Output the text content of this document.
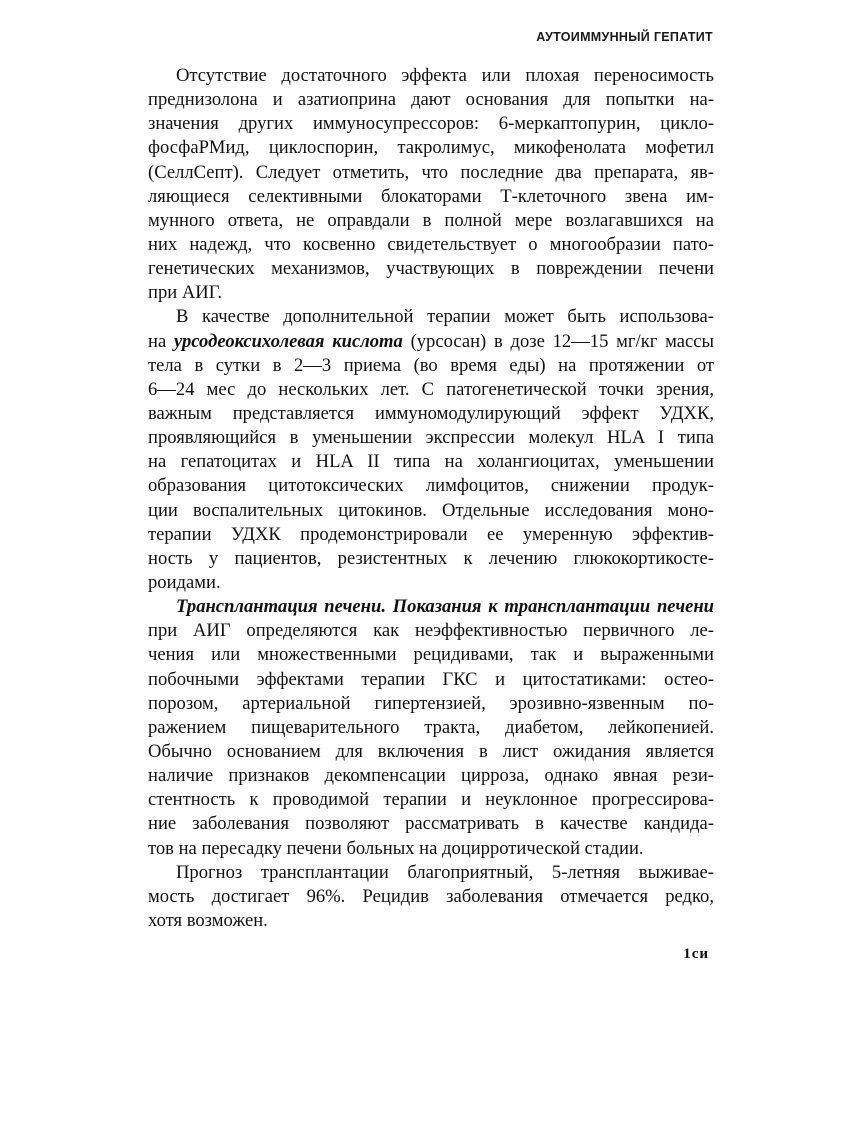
АУТОИММУННЫЙ ГЕПАТИТ
Отсутствие достаточного эффекта или плохая переносимость
преднизолона и азатиоприна дают основания для попытки на-
значения других иммуносупрессоров: 6-меркаптопурин, цикло-
фосфаРМид, циклоспорин, такролимус, микофенолата мофетил
(СеллСепт). Следует отметить, что последние два препарата, яв-
ляющиеся селективными блокаторами Т-клеточного звена им-
мунного ответа, не оправдали в полной мере возлагавшихся на
них надежд, что косвенно свидетельствует о многообразии пато-
генетических механизмов, участвующих в повреждении печени
при АИГ.
В качестве дополнительной терапии может быть использова-
на урсодеоксихолевая кислота (урсосан) в дозе 12—15 мг/кг массы
тела в сутки в 2—3 приема (во время еды) на протяжении от
6—24 мес до нескольких лет. С патогенетической точки зрения,
важным представляется иммуномодулирующий эффект УДХК,
проявляющийся в уменьшении экспрессии молекул HLA I типа
на гепатоцитах и HLA II типа на холангиоцитах, уменьшении
образования цитотоксических лимфоцитов, снижении продук-
ции воспалительных цитокинов. Отдельные исследования моно-
терапии УДХК продемонстрировали ее умеренную эффектив-
ность у пациентов, резистентных к лечению глюкокортикосте-
роидами.
Трансплантация печени. Показания к трансплантации печени
при АИГ определяются как неэффективностью первичного ле-
чения или множественными рецидивами, так и выраженными
побочными эффектами терапии ГКС и цитостатиками: остео-
порозом, артериальной гипертензией, эрозивно-язвенным по-
ражением пищеварительного тракта, диабетом, лейкопенией.
Обычно основанием для включения в лист ожидания является
наличие признаков декомпенсации цирроза, однако явная рези-
стентность к проводимой терапии и неуклонное прогрессирова-
ние заболевания позволяют рассматривать в качестве кандида-
тов на пересадку печени больных на доцирротической стадии.
Прогноз трансплантации благоприятный, 5-летняя выживае-
мость достигает 96%. Рецидив заболевания отмечается редко,
хотя возможен.
1си
